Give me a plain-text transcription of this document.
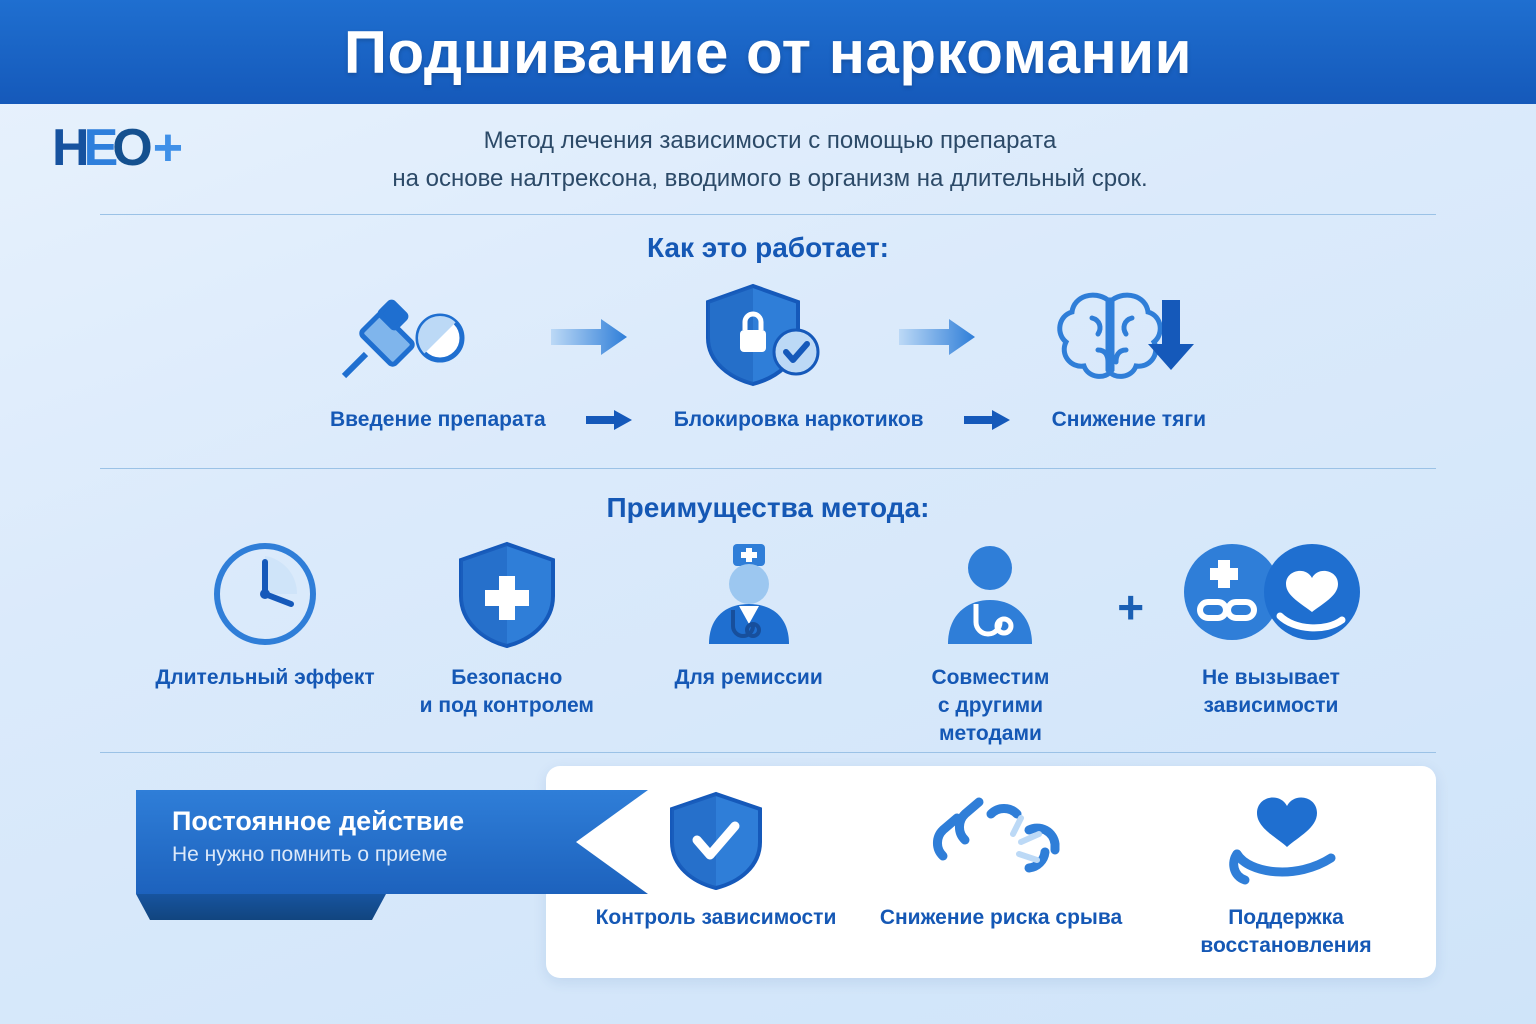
Подшивание от наркомании
Н
Е
О +	Метод лечения зависимости с помощью препарата
на основе налтрексона, вводимого в организм на длительный срок.
Как это работает:
Введение препарата	Блокировка наркотиков	Снижение тяги
Преимущества метода:
Длительный эффект	Безопасно
и под контролем
Для ремиссии	Совместим
с другими
методами
+
Не вызывает
зависимости
Контроль зависимости Снижение риска срыва	Поддержка
восстановления
Постоянное действие
Не нужно помнить о приеме
